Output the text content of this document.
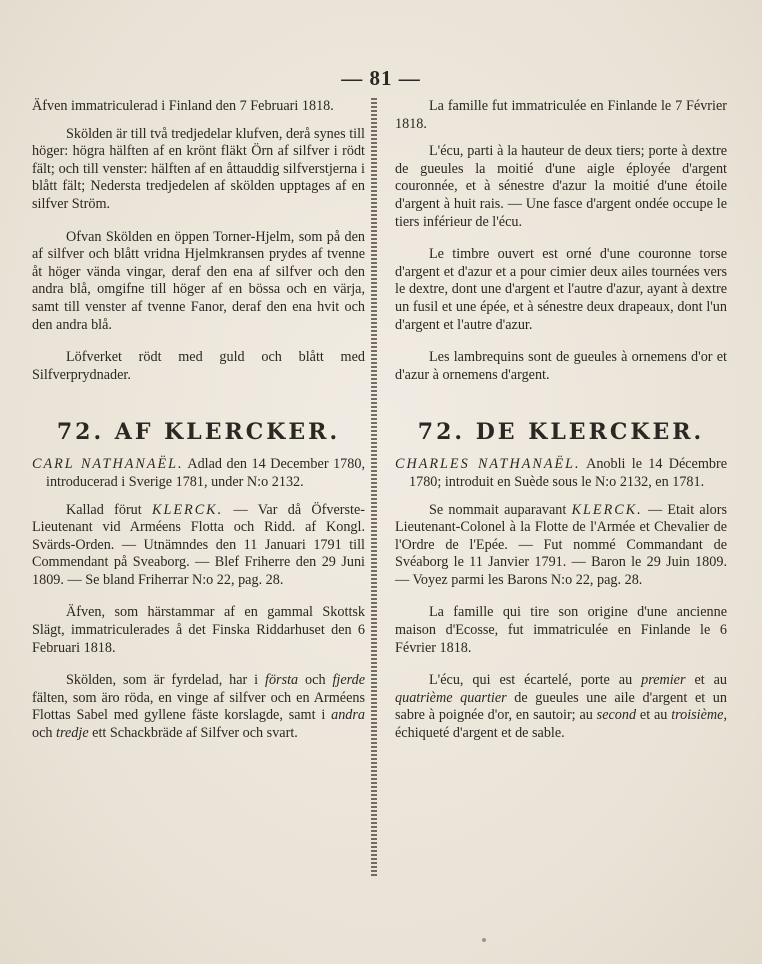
— 81 —

Äfven immatriculerad i Finland den 7 Februari 1818.

Skölden är till två tredjedelar klufven, derå synes till höger: högra hälften af en krönt fläkt Örn af silfver i rödt fält; och till venster: hälften af en åttauddig silfverstjerna i blått fält; Nedersta tredjedelen af skölden upptages af en silfver Ström.

Ofvan Skölden en öppen Torner-Hjelm, som på den af silfver och blått vridna Hjelmkransen prydes af tvenne åt höger vända vingar, deraf den ena af silfver och den andra blå, omgifne till höger af en bössa och en värja, samt till venster af tvenne Fanor, deraf den ena hvit och den andra blå.

Löfverket rödt med guld och blått med Silfverprydnader.

72. AF KLERCKER.

CARL NATHANAËL. Adlad den 14 December 1780, introducerad i Sverige 1781, under N:o 2132.

Kallad förut KLERCK. — Var då Öfverste-Lieutenant vid Arméens Flotta och Ridd. af Kongl. Svärds-Orden. — Utnämndes den 11 Januari 1791 till Commendant på Sveaborg. — Blef Friherre den 29 Juni 1809. — Se bland Friherrar N:o 22, pag. 28.

Äfven, som härstammar af en gammal Skottsk Slägt, immatriculerades å det Finska Riddarhuset den 6 Februari 1818.

Skölden, som är fyrdelad, har i första och fjerde fälten, som äro röda, en vinge af silfver och en Arméens Flottas Sabel med gyllene fäste korslagde, samt i andra och tredje ett Schackbräde af Silfver och svart.

La famille fut immatriculée en Finlande le 7 Février 1818.

L'écu, parti à la hauteur de deux tiers; porte à dextre de gueules la moitié d'une aigle éployée d'argent couronnée, et à sénestre d'azur la moitié d'une étoile d'argent à huit rais. — Une fasce d'argent ondée occupe le tiers inférieur de l'écu.

Le timbre ouvert est orné d'une couronne torse d'argent et d'azur et a pour cimier deux ailes tournées vers le dextre, dont une d'argent et l'autre d'azur, ayant à dextre un fusil et une épée, et à sénestre deux drapeaux, dont l'un d'argent et l'autre d'azur.

Les lambrequins sont de gueules à ornemens d'or et d'azur à ornemens d'argent.

72. DE KLERCKER.

CHARLES NATHANAËL. Anobli le 14 Décembre 1780; introduit en Suède sous le N:o 2132, en 1781.

Se nommait auparavant KLERCK. — Etait alors Lieutenant-Colonel à la Flotte de l'Armée et Chevalier de l'Ordre de l'Epée. — Fut nommé Commandant de Svéaborg le 11 Janvier 1791. — Baron le 29 Juin 1809. — Voyez parmi les Barons N:o 22, pag. 28.

La famille qui tire son origine d'une ancienne maison d'Ecosse, fut immatriculée en Finlande le 6 Février 1818.

L'écu, qui est écartelé, porte au premier et au quatrième quartier de gueules une aile d'argent et un sabre à poignée d'or, en sautoir; au second et au troisième, échiqueté d'argent et de sable.
